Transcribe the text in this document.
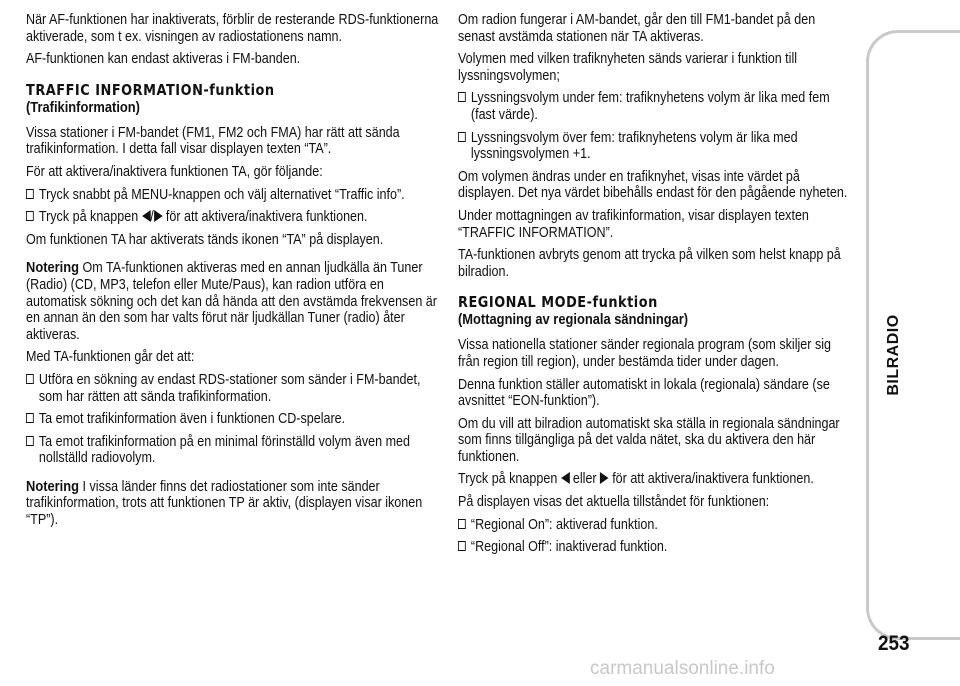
När AF-funktionen har inaktiverats, förblir de resterande RDS-funktionerna aktiverade, som t ex. visningen av radiostationens namn.

AF-funktionen kan endast aktiveras i FM-banden.

TRAFFIC INFORMATION-funktion
(Trafikinformation)

Vissa stationer i FM-bandet (FM1, FM2 och FMA) har rätt att sända trafikinformation. I detta fall visar displayen texten “TA”.

För att aktivera/inaktivera funktionen TA, gör följande:

Tryck snabbt på MENU-knappen och välj alternativet “Traffic info”.
Tryck på knappen / för att aktivera/inaktivera funktionen.

Om funktionen TA har aktiverats tänds ikonen “TA” på displayen.

Notering Om TA-funktionen aktiveras med en annan ljudkälla än Tuner (Radio) (CD, MP3, telefon eller Mute/Paus), kan radion utföra en automatisk sökning och det kan då hända att den avstämda frekvensen är en annan än den som har valts förut när ljudkällan Tuner (radio) åter aktiveras.

Med TA-funktionen går det att:

Utföra en sökning av endast RDS-stationer som sänder i FM-bandet, som har rätten att sända trafikinformation.
Ta emot trafikinformation även i funktionen CD-spelare.
Ta emot trafikinformation på en minimal förinställd volym även med nollställd radiovolym.

Notering I vissa länder finns det radiostationer som inte sänder trafikinformation, trots att funktionen TP är aktiv, (displayen visar ikonen “TP”).

Om radion fungerar i AM-bandet, går den till FM1-bandet på den senast avstämda stationen när TA aktiveras.

Volymen med vilken trafiknyheten sänds varierar i funktion till lyssningsvolymen;

Lyssningsvolym under fem: trafiknyhetens volym är lika med fem (fast värde).
Lyssningsvolym över fem: trafiknyhetens volym är lika med lyssningsvolymen +1.

Om volymen ändras under en trafiknyhet, visas inte värdet på displayen. Det nya värdet bibehålls endast för den pågående nyheten.

Under mottagningen av trafikinformation, visar displayen texten “TRAFFIC INFORMATION”.

TA-funktionen avbryts genom att trycka på vilken som helst knapp på bilradion.

REGIONAL MODE-funktion
(Mottagning av regionala sändningar)

Vissa nationella stationer sänder regionala program (som skiljer sig från region till region), under bestämda tider under dagen.

Denna funktion ställer automatiskt in lokala (regionala) sändare (se avsnittet “EON-funktion”).

Om du vill att bilradion automatiskt ska ställa in regionala sändningar som finns tillgängliga på det valda nätet, ska du aktivera den här funktionen.

Tryck på knappen eller för att aktivera/inaktivera funktionen.

På displayen visas det aktuella tillståndet för funktionen:

“Regional On”: aktiverad funktion.
“Regional Off”: inaktiverad funktion.
BILRADIO
253
carmanualsonline.info
